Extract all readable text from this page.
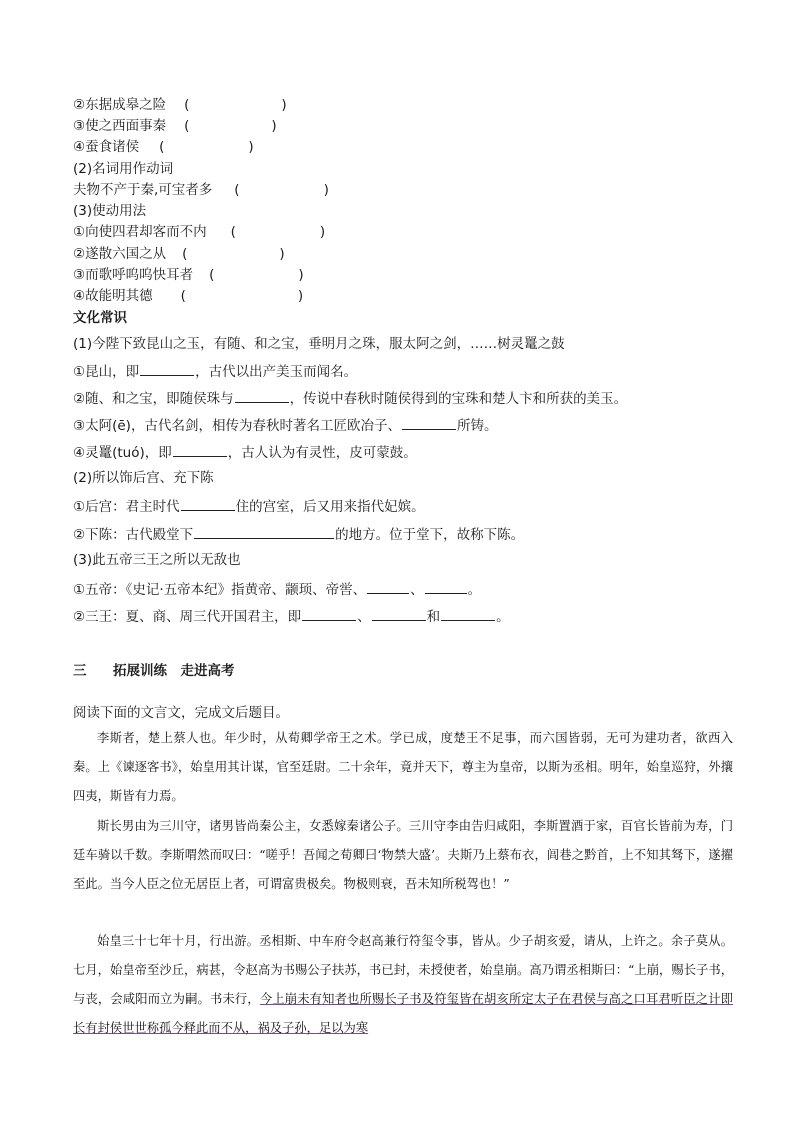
②东据成皋之险 (	)
③使之西面事秦 (	)
④蚕食诸侯 (	)
(2)名词用作动词
夫物不产于秦,可宝者多 (	)
(3)使动用法
①向使四君却客而不内 (	)
②遂散六国之从 (	)
③而歌呼呜呜快耳者 (	)
④故能明其德 (	)
文化常识
(1)今陛下致昆山之玉，有随、和之宝，垂明月之珠，服太阿之剑，……树灵鼍之鼓
①昆山，即	，古代以出产美玉而闻名。
②随、和之宝，即随侯珠与	，传说中春秋时随侯得到的宝珠和楚人卞和所获的美玉。
③太阿(ē)，古代名剑，相传为春秋时著名工匠欧冶子、	所铸。
④灵鼍(tuó)，即	，古人认为有灵性，皮可蒙鼓。
(2)所以饰后宫、充下陈
①后宫：君主时代	住的宫室，后又用来指代妃嫔。
②下陈：古代殿堂下	的地方。位于堂下，故称下陈。
(3)此五帝三王之所以无敌也
①五帝：《史记·五帝本纪》指黄帝、颛顼、帝喾、	、	。
②三王：夏、商、周三代开国君主，即	、	和	。
三 拓展训练　走进高考
阅读下面的文言文，完成文后题目。
李斯者，楚上蔡人也。年少时，从荀卿学帝王之术。学已成，度楚王不足事，而六国皆弱，无可为建功者，欲西入秦。上《谏逐客书》，始皇用其计谋，官至廷尉。二十余年，竟并天下，尊主为皇帝，以斯为丞相。明年，始皇巡狩，外攘四夷，斯皆有力焉。
斯长男由为三川守，诸男皆尚秦公主，女悉嫁秦诸公子。三川守李由告归咸阳，李斯置酒于家，百官长皆前为寿，门廷车骑以千数。李斯喟然而叹曰：“嗟乎！吾闻之荀卿曰‘物禁大盛’。夫斯乃上蔡布衣，闾巷之黔首，上不知其驽下，遂擢至此。当今人臣之位无居臣上者，可谓富贵极矣。物极则衰，吾未知所税驾也！”
始皇三十七年十月，行出游。丞相斯、中车府令赵高兼行符玺令事，皆从。少子胡亥爱，请从，上许之。余子莫从。七月，始皇帝至沙丘，病甚，令赵高为书赐公子扶苏，书已封，未授使者，始皇崩。高乃谓丞相斯曰：“上崩，赐长子书，与丧，会咸阳而立为嗣。书未行，今上崩未有知者也所赐长子书及符玺皆在胡亥所定太子在君侯与高之口耳君听臣之计即长有封侯世世称孤今释此而不从，祸及子孙，足以为寒
